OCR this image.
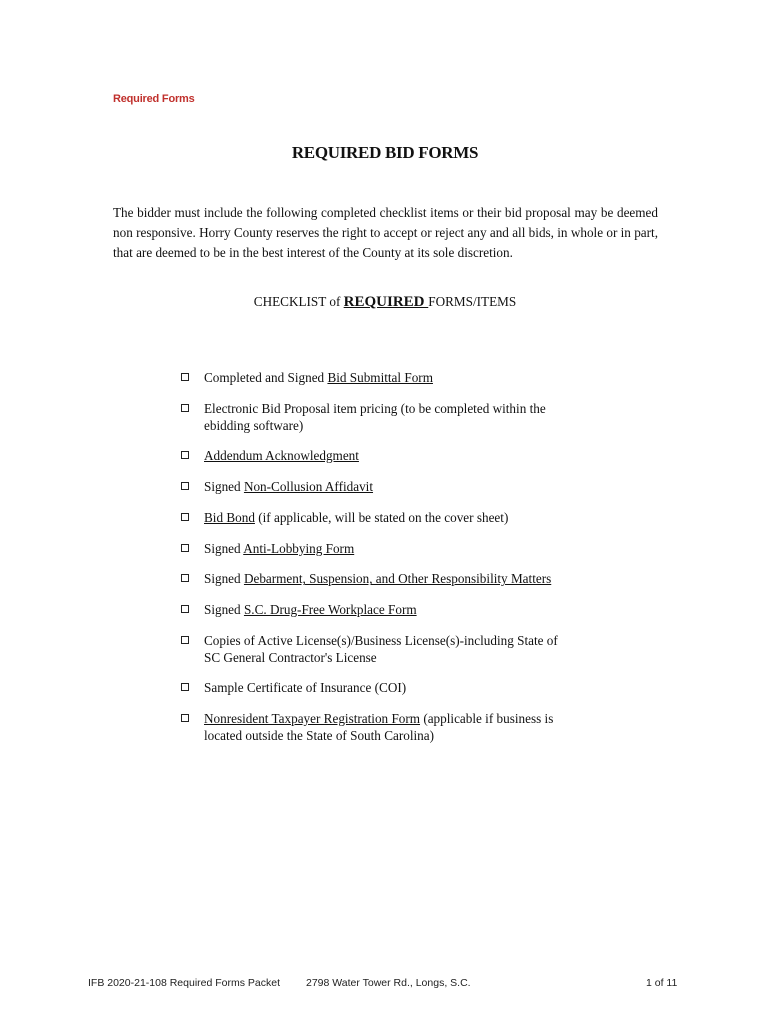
Required Forms
REQUIRED BID FORMS

The bidder must include the following completed checklist items or their bid proposal may be deemed non responsive. Horry County reserves the right to accept or reject any and all bids, in whole or in part, that are deemed to be in the best interest of the County at its sole discretion.

CHECKLIST of REQUIRED FORMS/ITEMS
Completed and Signed Bid Submittal Form
Electronic Bid Proposal item pricing (to be completed within the ebidding software)
Addendum Acknowledgment
Signed Non-Collusion Affidavit
Bid Bond (if applicable, will be stated on the cover sheet)
Signed Anti-Lobbying Form
Signed Debarment, Suspension, and Other Responsibility Matters
Signed S.C. Drug-Free Workplace Form
Copies of Active License(s)/Business License(s)-including State of SC General Contractor's License
Sample Certificate of Insurance (COI)
Nonresident Taxpayer Registration Form (applicable if business is located outside the State of South Carolina)
IFB 2020-21-108 Required Forms Packet 2798 Water Tower Rd., Longs, S.C.	1 of 11
